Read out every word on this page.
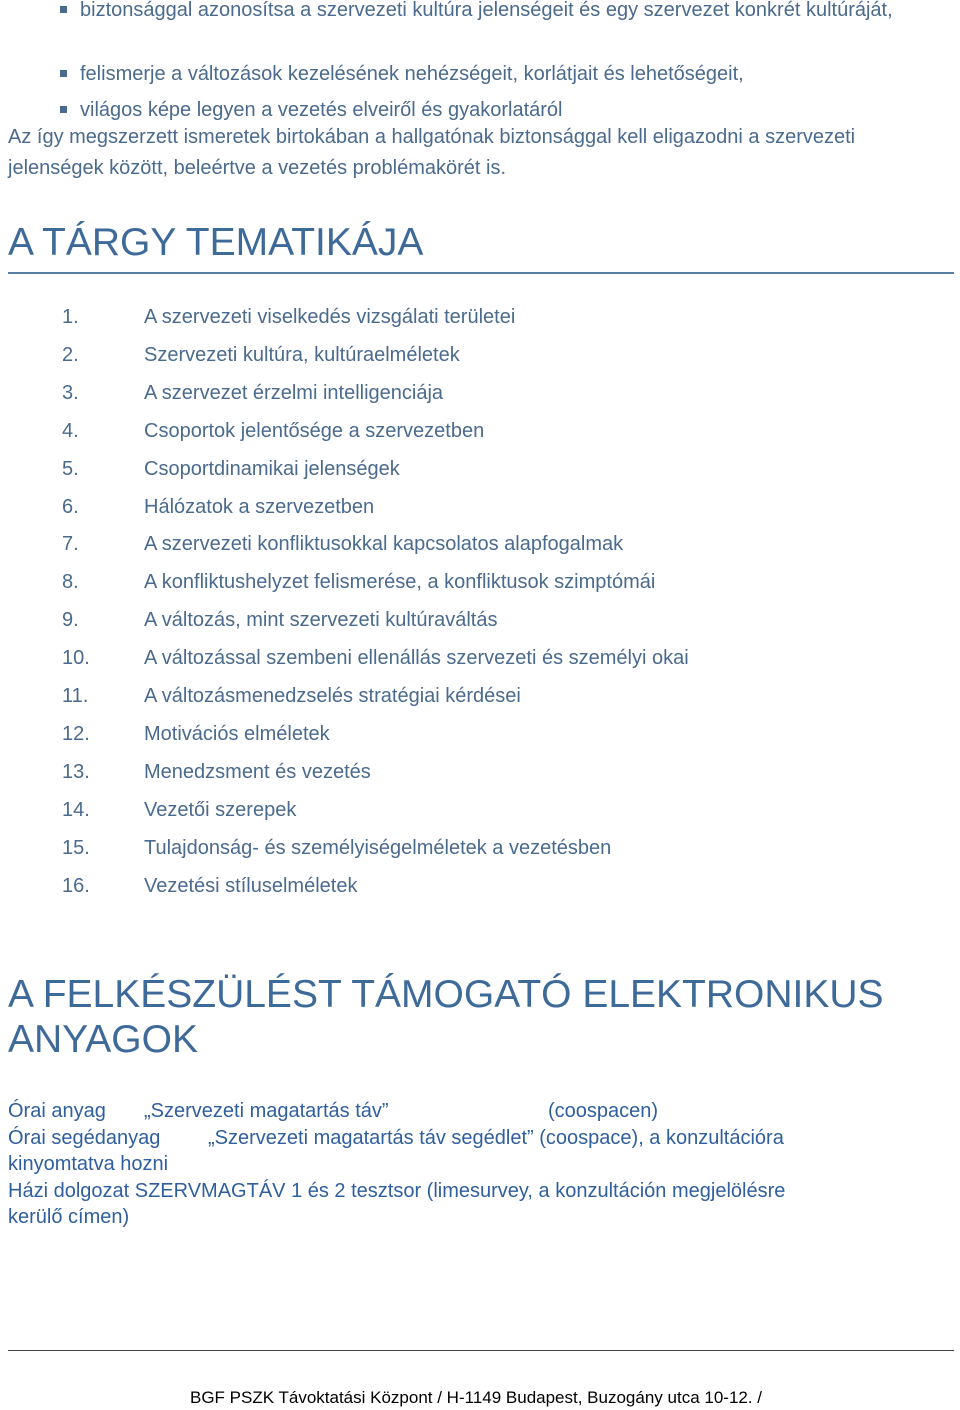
biztonsággal azonosítsa a szervezeti kultúra jelenségeit és egy szervezet konkrét kultúráját,
felismerje a változások kezelésének nehézségeit, korlátjait és lehetőségeit,
világos képe legyen a vezetés elveiről és gyakorlatáról
Az így megszerzett ismeretek birtokában a hallgatónak biztonsággal kell eligazodni a szervezeti jelenségek között, beleértve a vezetés problémakörét is.
A TÁRGY TEMATIKÁJA
1.	A szervezeti viselkedés vizsgálati területei
2.	Szervezeti kultúra, kultúraelméletek
3.	A szervezet érzelmi intelligenciája
4.	Csoportok jelentősége a szervezetben
5.	Csoportdinamikai jelenségek
6.	Hálózatok a szervezetben
7.	A szervezeti konfliktusokkal kapcsolatos alapfogalmak
8.	A konfliktushelyzet felismerése, a konfliktusok szimptómái
9.	A változás, mint szervezeti kultúraváltás
10.	A változással szembeni ellenállás szervezeti és személyi okai
11.	A változásmenedzselés stratégiai kérdései
12.	Motivációs elméletek
13.	Menedzsment és vezetés
14.	Vezetői szerepek
15.	Tulajdonság- és személyiségelméletek a vezetésben
16.	Vezetési stíluselméletek
A FELKÉSZÜLÉST TÁMOGATÓ ELEKTRONIKUS
ANYAGOK
Órai anyag „Szervezeti magatartás táv”	(coospacen)
Órai segédanyag „Szervezeti magatartás táv segédlet” (coospace), a konzultációra
kinyomtatva hozni
Házi dolgozat SZERVMAGTÁV 1 és 2 tesztsor (limesurvey, a konzultáción megjelölésre
kerülő címen)
BGF PSZK Távoktatási Központ / H-1149 Budapest, Buzogány utca 10-12. /
